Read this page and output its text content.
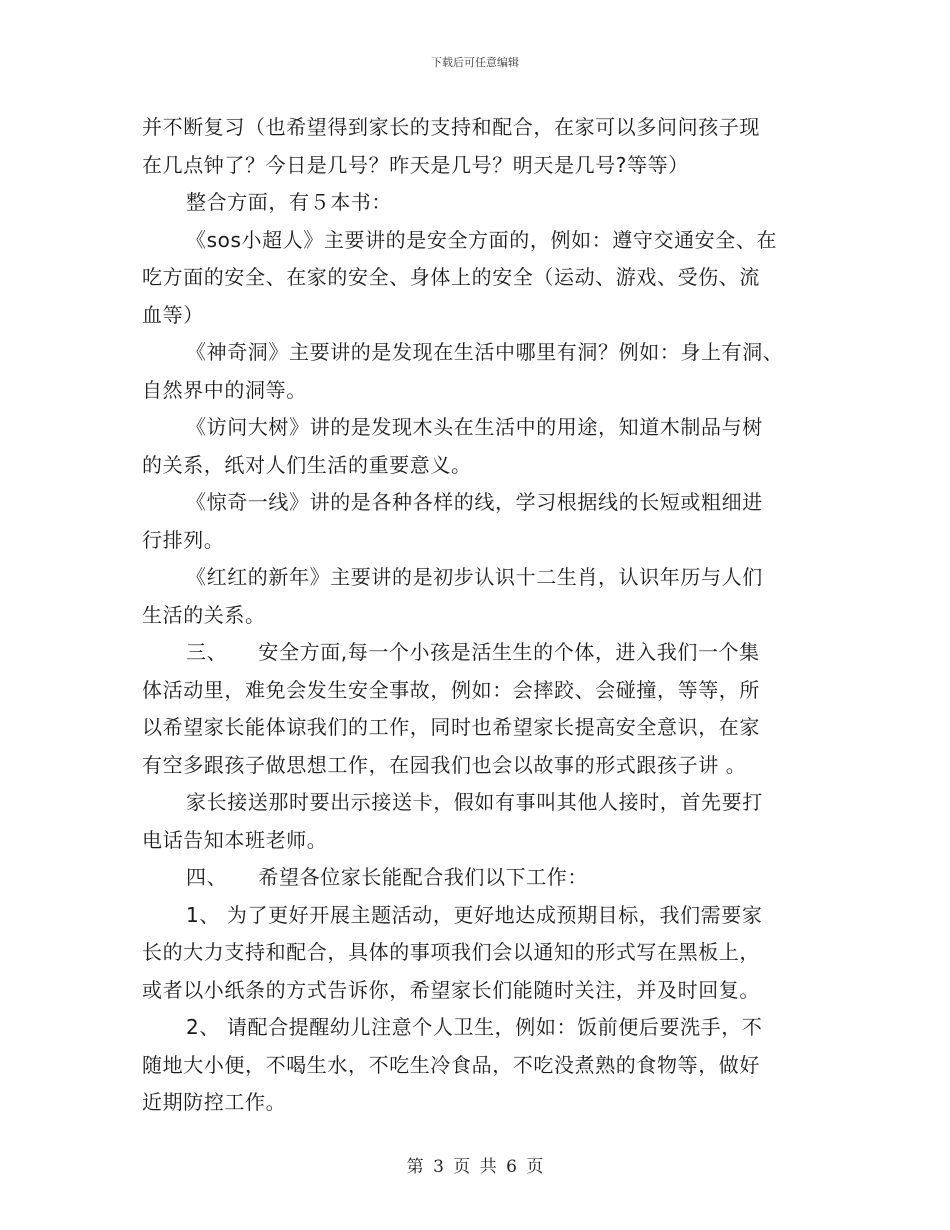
下载后可任意编辑

并不断复习（也希望得到家长的支持和配合，在家可以多问问孩子现
在几点钟了？今日是几号？昨天是几号？明天是几号?等等）

整合方面，有５本书：

《sos小超人》主要讲的是安全方面的，例如：遵守交通安全、在

吃方面的安全、在家的安全、身体上的安全（运动、游戏、受伤、流
血等）

《神奇洞》主要讲的是发现在生活中哪里有洞？例如：身上有洞、

自然界中的洞等。

《访问大树》讲的是发现木头在生活中的用途，知道木制品与树

的关系，纸对人们生活的重要意义。

《惊奇一线》讲的是各种各样的线，学习根据线的长短或粗细进

行排列。

《红红的新年》主要讲的是初步认识十二生肖，认识年历与人们

生活的关系。

三、　　安全方面,每一个小孩是活生生的个体，进入我们一个集

体活动里，难免会发生安全事故，例如：会摔跤、会碰撞，等等，所
以希望家长能体谅我们的工作，同时也希望家长提高安全意识，在家
有空多跟孩子做思想工作，在园我们也会以故事的形式跟孩子讲 。

家长接送那时要出示接送卡，假如有事叫其他人接时，首先要打

电话告知本班老师。

四、　　希望各位家长能配合我们以下工作：

1、 为了更好开展主题活动，更好地达成预期目标，我们需要家

长的大力支持和配合，具体的事项我们会以通知的形式写在黑板上，
或者以小纸条的方式告诉你，希望家长们能随时关注，并及时回复。

2、 请配合提醒幼儿注意个人卫生，例如：饭前便后要洗手，不

随地大小便，不喝生水，不吃生冷食品，不吃没煮熟的食物等，做好
近期防控工作。

第 3 页 共 6 页
